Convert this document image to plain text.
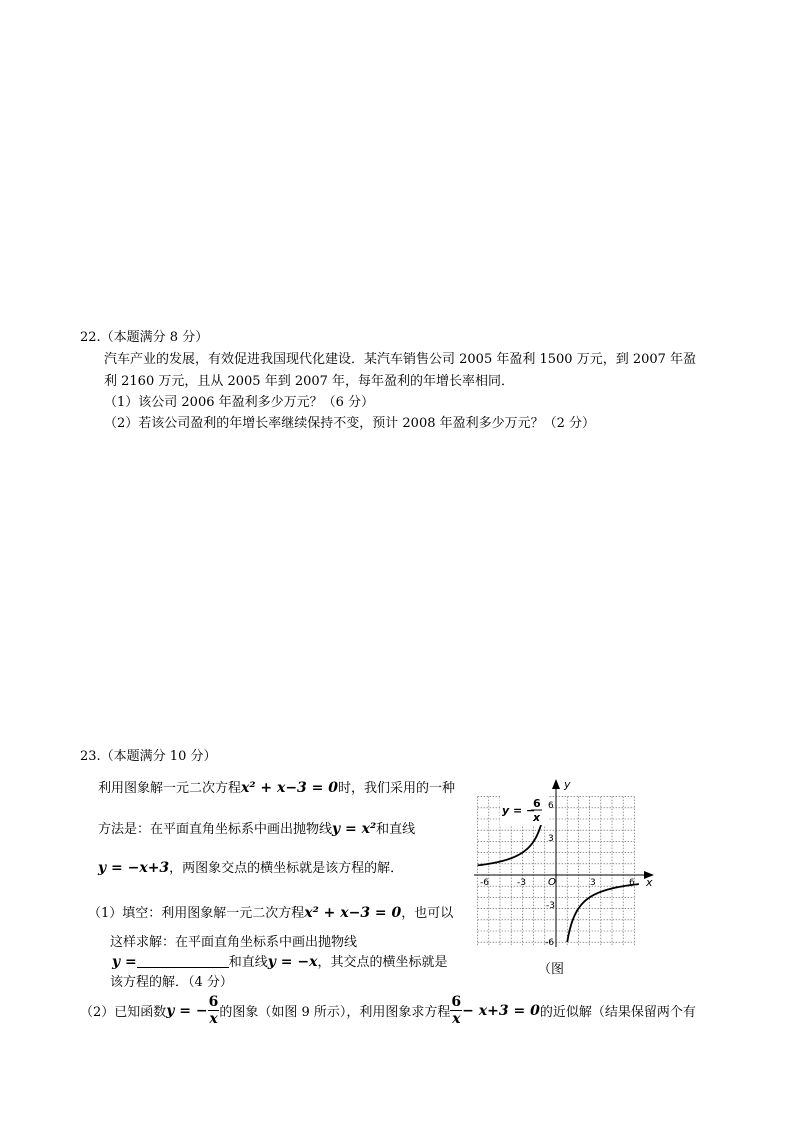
22.（本题满分 8 分）
汽车产业的发展，有效促进我国现代化建设．某汽车销售公司 2005 年盈利 1500 万元，到 2007 年盈
利 2160 万元，且从 2005 年到 2007 年，每年盈利的年增长率相同．
（1）该公司 2006 年盈利多少万元？（6 分）
（2）若该公司盈利的年增长率继续保持不变，预计 2008 年盈利多少万元？（2 分）
23.（本题满分 10 分）
利用图象解一元二次方程x² + x−3 = 0时，我们采用的一种
方法是：在平面直角坐标系中画出抛物线y = x²和直线
y = −x+3，两图象交点的横坐标就是该方程的解．
（1）填空：利用图象解一元二次方程x² + x−3 = 0，也可以
这样求解：在平面直角坐标系中画出抛物线
y =	和直线y = −x，其交点的横坐标就是
该方程的解．（4 分）
（图
（2）已知函数 y = − $\frac{6}{x}$ 的图象（如图 9 所示），利用图象求方程 $\frac{6}{x} - x+3 = 0$ 的近似解（结果保留两个有
y
x
O
-6	-3	3	6
6
3
-3
-6
y = −
6
x
